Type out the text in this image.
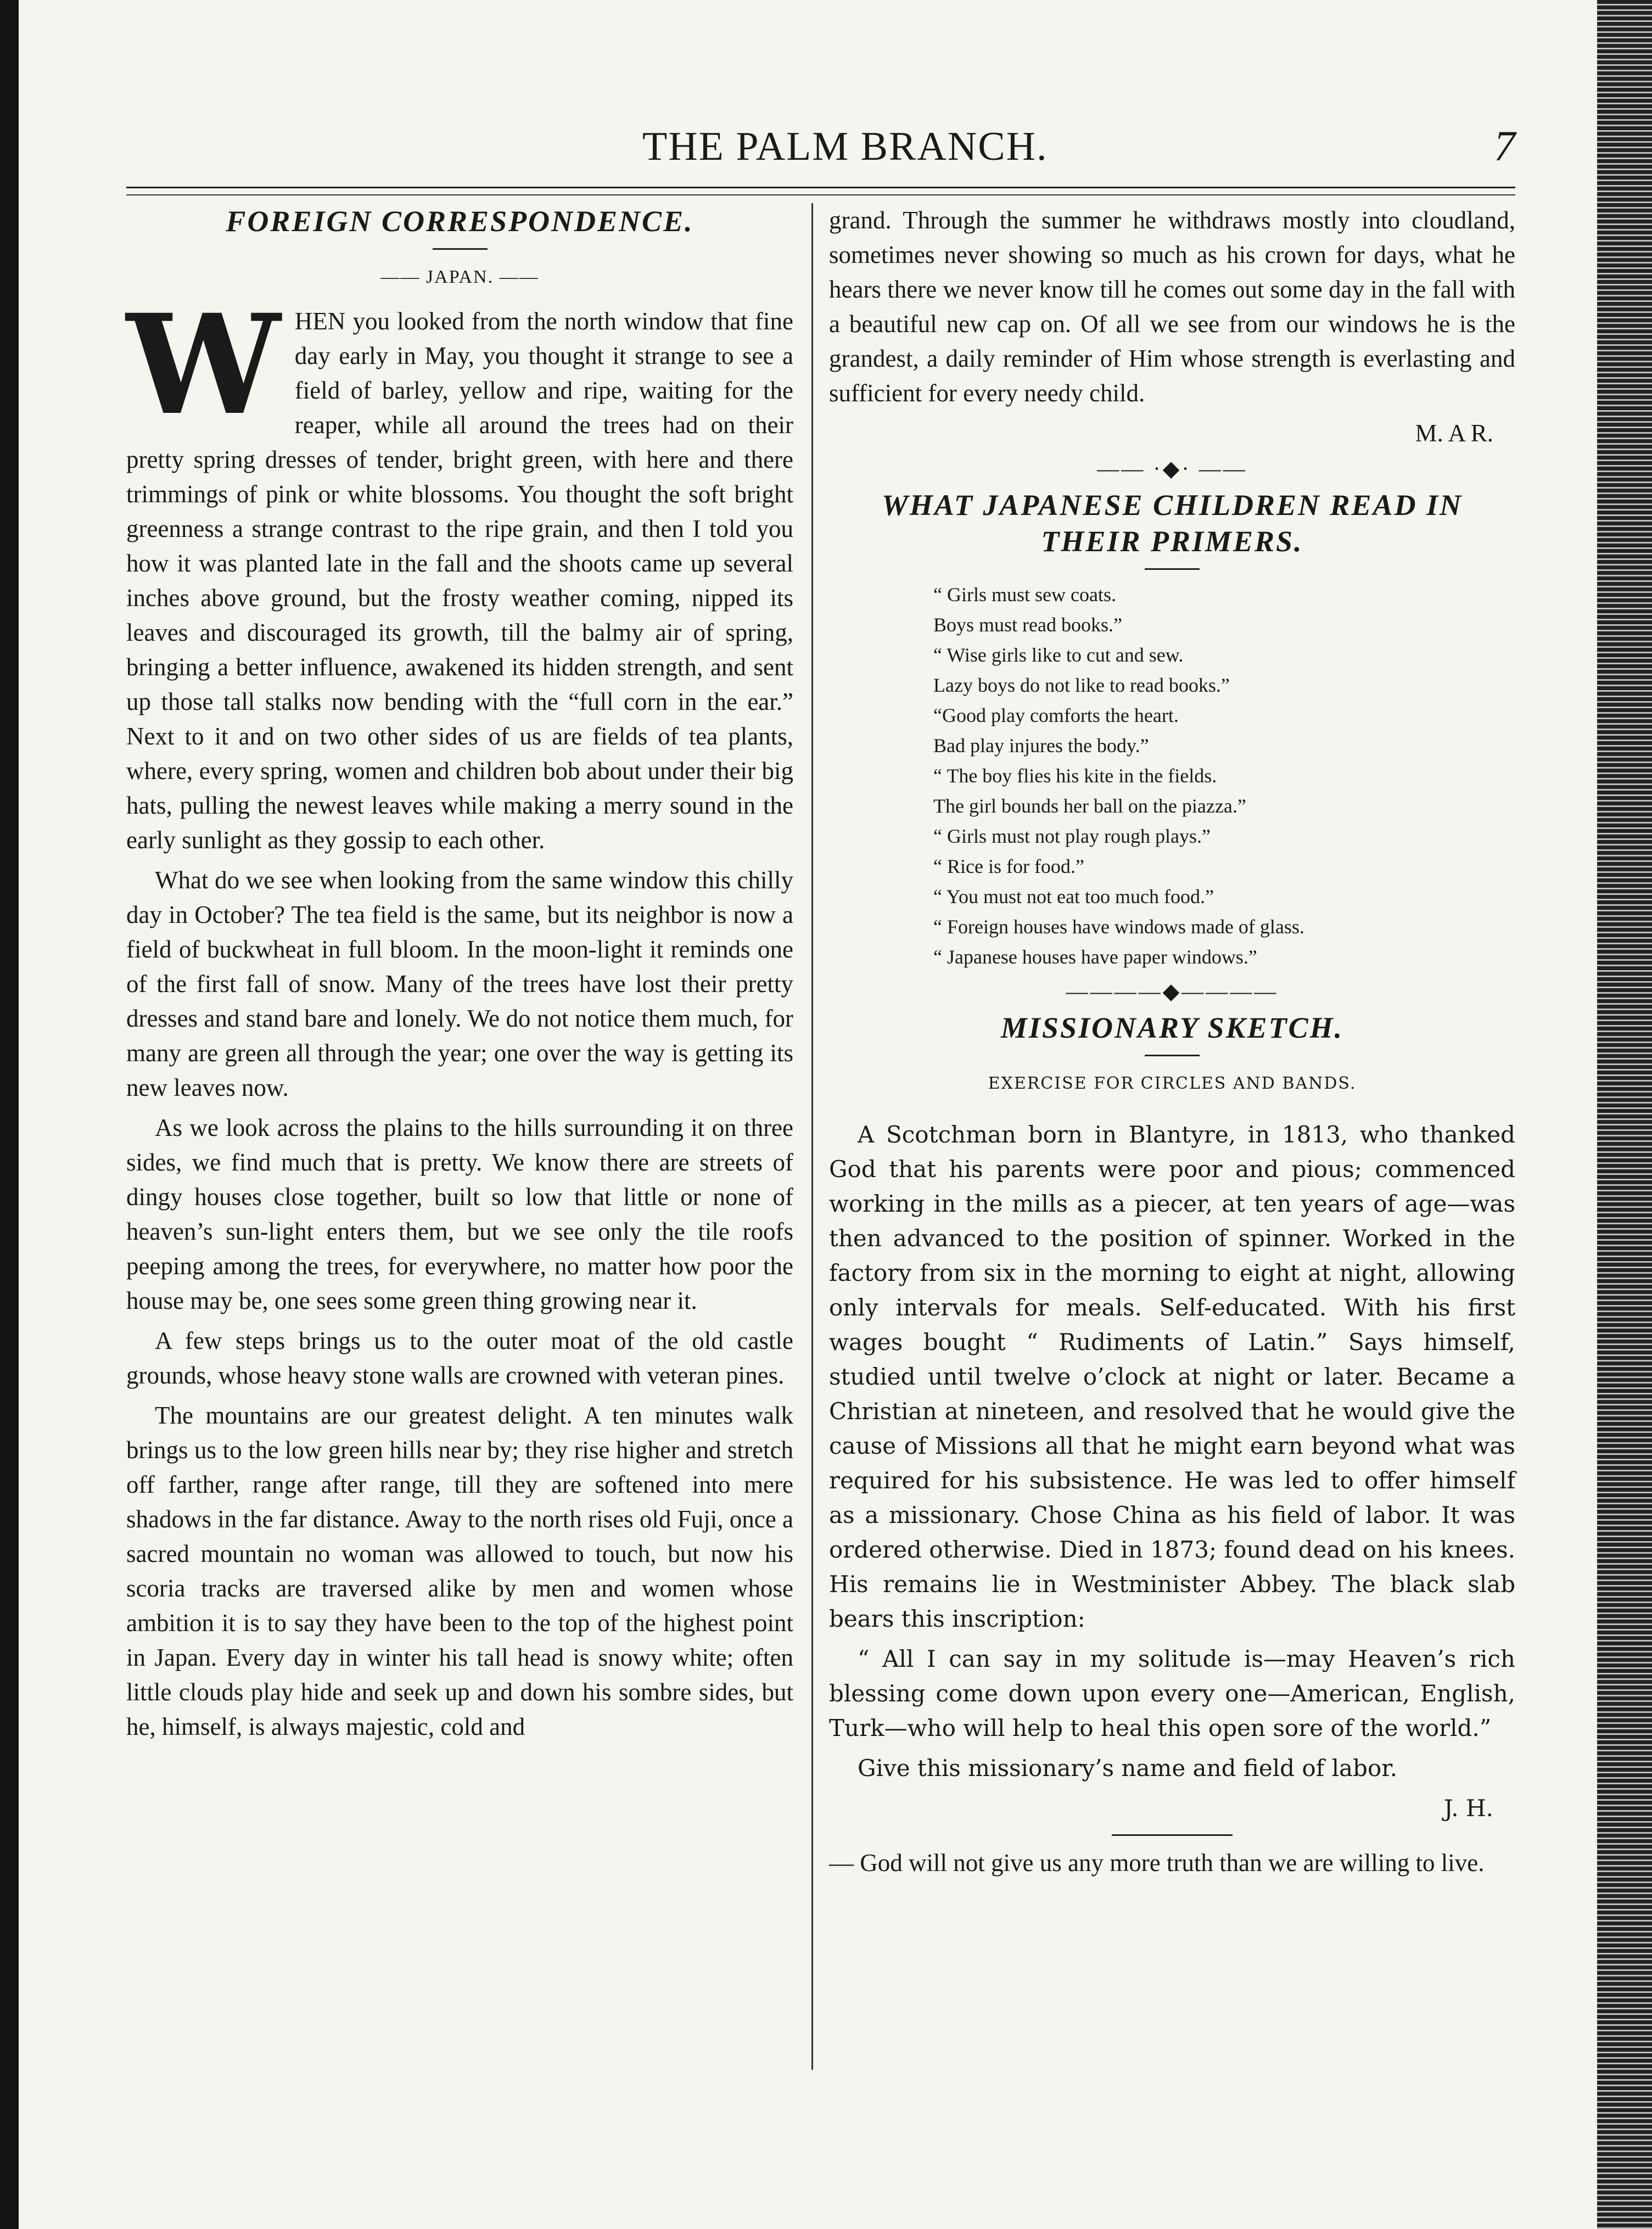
THE PALM BRANCH.	7
FOREIGN CORRESPONDENCE.
—— JAPAN. ——

WHEN you looked from the north window that fine day early in May, you thought it strange to see a field of barley, yellow and ripe, waiting for the reaper, while all around the trees had on their pretty spring dresses of tender, bright green, with here and there trimmings of pink or white blossoms. You thought the soft bright greenness a strange contrast to the ripe grain, and then I told you how it was planted late in the fall and the shoots came up several inches above ground, but the frosty weather coming, nipped its leaves and discouraged its growth, till the balmy air of spring, bringing a better influence, awakened its hidden strength, and sent up those tall stalks now bending with the “full corn in the ear.” Next to it and on two other sides of us are fields of tea plants, where, every spring, women and children bob about under their big hats, pulling the newest leaves while making a merry sound in the early sunlight as they gossip to each other.

What do we see when looking from the same window this chilly day in October? The tea field is the same, but its neighbor is now a field of buckwheat in full bloom. In the moon-light it reminds one of the first fall of snow. Many of the trees have lost their pretty dresses and stand bare and lonely. We do not notice them much, for many are green all through the year; one over the way is getting its new leaves now.

As we look across the plains to the hills surrounding it on three sides, we find much that is pretty. We know there are streets of dingy houses close together, built so low that little or none of heaven’s sun-light enters them, but we see only the tile roofs peeping among the trees, for everywhere, no matter how poor the house may be, one sees some green thing growing near it.

A few steps brings us to the outer moat of the old castle grounds, whose heavy stone walls are crowned with veteran pines.

The mountains are our greatest delight. A ten minutes walk brings us to the low green hills near by; they rise higher and stretch off farther, range after range, till they are softened into mere shadows in the far distance. Away to the north rises old Fuji, once a sacred mountain no woman was allowed to touch, but now his scoria tracks are traversed alike by men and women whose ambition it is to say they have been to the top of the highest point in Japan. Every day in winter his tall head is snowy white; often little clouds play hide and seek up and down his sombre sides, but he, himself, is always majestic, cold and

grand. Through the summer he withdraws mostly into cloudland, sometimes never showing so much as his crown for days, what he hears there we never know till he comes out some day in the fall with a beautiful new cap on. Of all we see from our windows he is the grandest, a daily reminder of Him whose strength is everlasting and sufficient for every needy child.

M. A R.
—— ·◆· ——
WHAT JAPANESE CHILDREN READ IN
THEIR PRIMERS.
“ Girls must sew coats.
Boys must read books.”
“ Wise girls like to cut and sew.
Lazy boys do not like to read books.”
“Good play comforts the heart.
Bad play injures the body.”
“ The boy flies his kite in the fields.
The girl bounds her ball on the piazza.”
“ Girls must not play rough plays.”
“ Rice is for food.”
“ You must not eat too much food.”
“ Foreign houses have windows made of glass.
“ Japanese houses have paper windows.”
————◆————
MISSIONARY SKETCH.
EXERCISE FOR CIRCLES AND BANDS.

A Scotchman born in Blantyre, in 1813, who thanked God that his parents were poor and pious; commenced working in the mills as a piecer, at ten years of age—was then advanced to the position of spinner. Worked in the factory from six in the morning to eight at night, allowing only intervals for meals. Self-educated. With his first wages bought “ Rudiments of Latin.” Says himself, studied until twelve o’clock at night or later. Became a Christian at nineteen, and resolved that he would give the cause of Missions all that he might earn beyond what was required for his subsistence. He was led to offer himself as a missionary. Chose China as his field of labor. It was ordered otherwise. Died in 1873; found dead on his knees. His remains lie in Westminister Abbey. The black slab bears this inscription:

“ All I can say in my solitude is—may Heaven’s rich blessing come down upon every one—American, English, Turk—who will help to heal this open sore of the world.”

Give this missionary’s name and field of labor.

J. H.

— God will not give us any more truth than we are willing to live.
